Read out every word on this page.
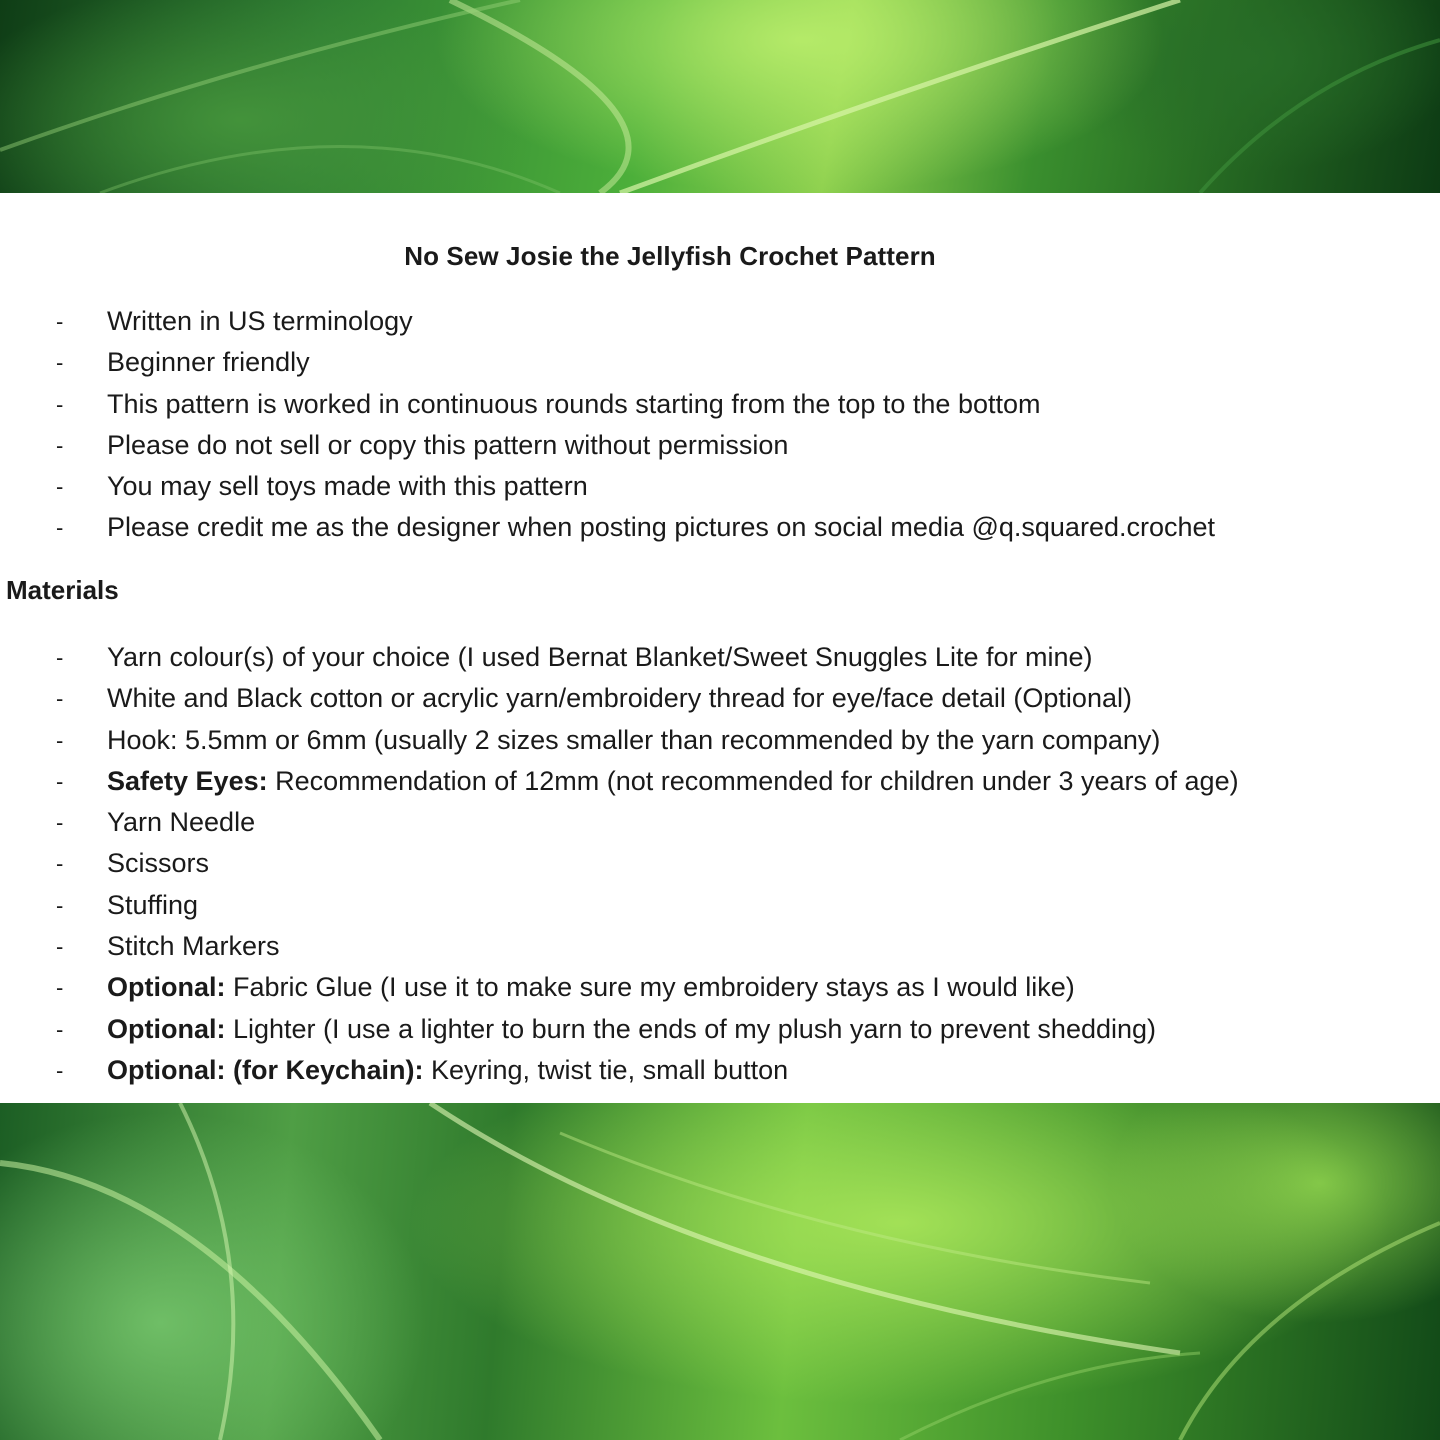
No Sew Josie the Jellyfish Crochet Pattern
- Written in US terminology
- Beginner friendly
- This pattern is worked in continuous rounds starting from the top to the bottom
- Please do not sell or copy this pattern without permission
- You may sell toys made with this pattern
- Please credit me as the designer when posting pictures on social media @q.squared.crochet
Materials
- Yarn colour(s) of your choice (I used Bernat Blanket/Sweet Snuggles Lite for mine)
- White and Black cotton or acrylic yarn/embroidery thread for eye/face detail (Optional)
- Hook: 5.5mm or 6mm (usually 2 sizes smaller than recommended by the yarn company)
- Safety Eyes: Recommendation of 12mm (not recommended for children under 3 years of age)
- Yarn Needle
- Scissors
- Stuffing
- Stitch Markers
- Optional: Fabric Glue (I use it to make sure my embroidery stays as I would like)
- Optional: Lighter (I use a lighter to burn the ends of my plush yarn to prevent shedding)
- Optional: (for Keychain): Keyring, twist tie, small button
